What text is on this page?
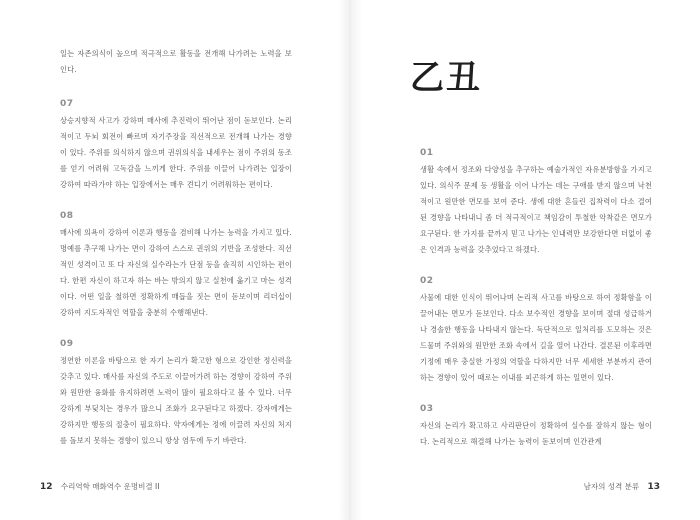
일는 자존의식이 높으며 적극적으로 활동을 전개해 나가려는 노력을 보인다.

07

상승지향적 사고가 강하며 매사에 추진력이 뛰어난 점이 돋보인다. 논리적이고 두뇌 회전이 빠르며 자기주장을 직선적으로 전개해 나가는 경향이 있다. 주위를 의식하지 않으며 권위의식을 내세우는 점이 주위의 동조를 얻기 어려워 고독감을 느끼게 한다. 주위를 이끌어 나가려는 입장이 강하여 따라가야 하는 입장에서는 매우 견디기 어려워하는 편이다.

08

매사에 의욕이 강하여 이론과 행동을 겸비해 나가는 능력을 가지고 있다. 명예를 추구해 나가는 면이 강하여 스스로 권위의 기반을 조성한다. 직선적인 성격이고 또 다 자신의 실수라는가 단점 등을 솔직히 시인하는 편이다. 한편 자신이 하고자 하는 바는 밖의지 않고 실천에 옮기고 마는 성격이다. 어떤 일을 철하면 정확하게 매듭을 짓는 면이 돋보이며 리더십이 강하여 지도자적인 역할을 충분히 수행해낸다.

09

정연한 이론을 바탕으로 한 자기 논리가 확고한 형으로 강인한 정신력을 갖추고 있다. 매사를 자신의 주도로 이끌어가려 하는 경향이 강하여 주위와 원만한 융화를 유지하려면 노력이 많이 필요하다고 볼 수 있다. 너무 강하게 부딪치는 경우가 많으니 조화가 요구된다고 하겠다. 강자에게는 강하지만 행동의 절충이 필요하다. 약자에게는 정에 이끌려 자신의 처지를 돌보지 못하는 경향이 있으니 항상 염두에 두기 바란다.

12 수리역학 매화역수 운명비결 II
乙丑
01

생활 속에서 정조와 다양성을 추구하는 예술가적인 자유분방함을 가지고 있다. 의식주 문제 등 생활을 이어 나가는 데는 구애를 받지 않으며 낙천적이고 원만한 면모를 보여 준다. 생에 대한 흔들린 집착력이 다소 결여된 경향을 나타내니 좀 더 적극적이고 책임감이 투철한 악착같은 면모가 요구된다. 한 가지를 끝까지 믿고 나가는 인내력만 보강한다면 더없이 좋은 인격과 능력을 갖추었다고 하겠다.

02

사물에 대한 인식이 뛰어나며 논리적 사고를 바탕으로 하여 정확함을 이끌어내는 면모가 돋보인다. 다소 보수적인 경향을 보이며 절대 성급하거나 경솔한 행동을 나타내지 않는다. 독단적으로 일처리를 도모하는 것은 드물며 주위와의 원만한 조화 속에서 길을 열어 나간다. 결론된 이후라면 기정에 매우 충실한 가정의 역할을 다하지만 너무 세세한 부분까지 관여하는 경향이 있어 때로는 이내를 피곤하게 하는 일면이 있다.

03

자신의 논리가 확고하고 사리판단이 정확하여 실수를 잘하지 않는 형이다. 논리적으로 해결해 나가는 능력이 돋보이며 인간관계

남자의 성격 분류 13
